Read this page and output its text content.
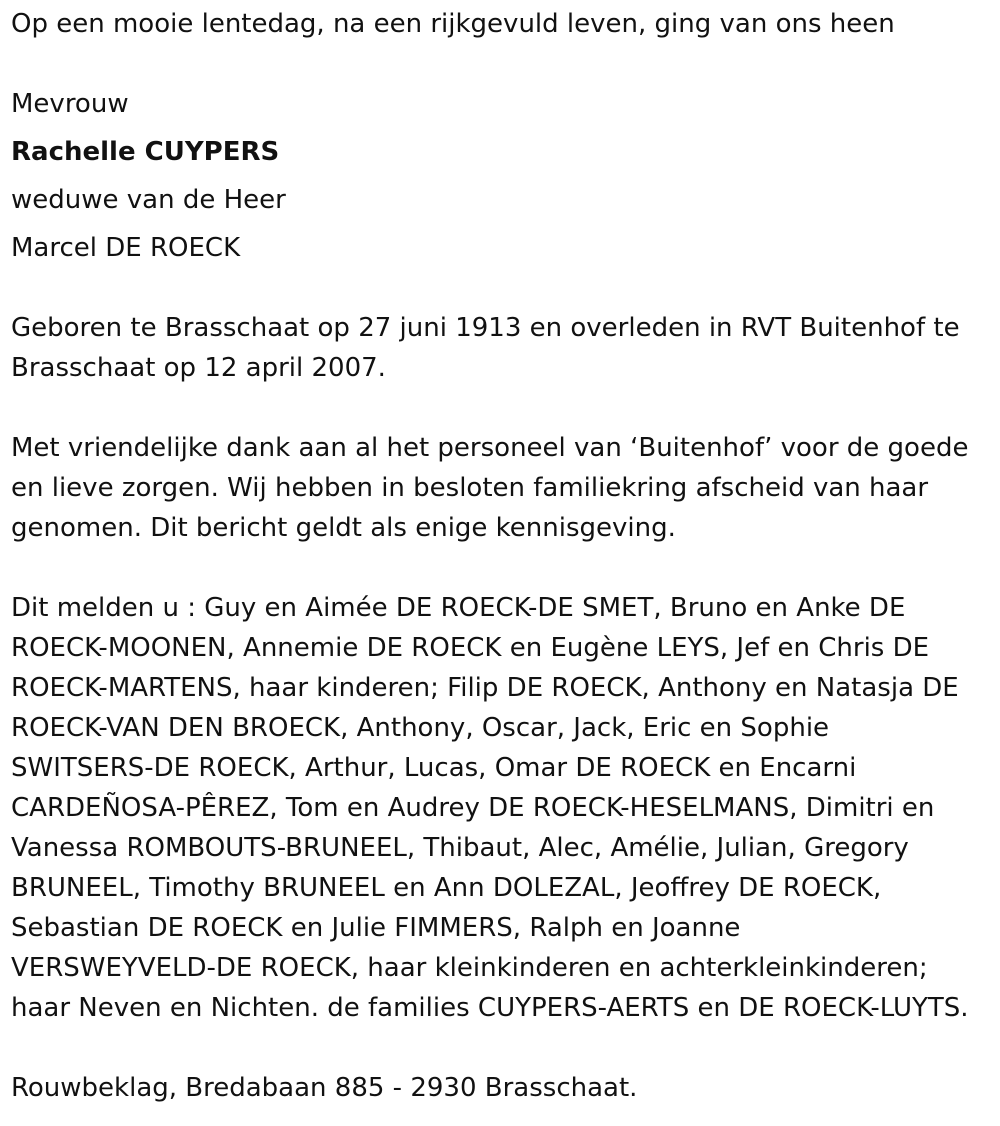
Op een mooie lentedag, na een rijkgevuld leven, ging van ons heen
Mevrouw
Rachelle CUYPERS
weduwe van de Heer
Marcel DE ROECK
Geboren te Brasschaat op 27 juni 1913 en overleden in RVT Buitenhof te
Brasschaat op 12 april 2007.
Met vriendelijke dank aan al het personeel van ‘Buitenhof’ voor de goede
en lieve zorgen. Wij hebben in besloten familiekring afscheid van haar
genomen. Dit bericht geldt als enige kennisgeving.
Dit melden u : Guy en Aimée DE ROECK-DE SMET, Bruno en Anke DE
ROECK-MOONEN, Annemie DE ROECK en Eugène LEYS, Jef en Chris DE
ROECK-MARTENS, haar kinderen; Filip DE ROECK, Anthony en Natasja DE
ROECK-VAN DEN BROECK, Anthony, Oscar, Jack, Eric en Sophie
SWITSERS-DE ROECK, Arthur, Lucas, Omar DE ROECK en Encarni
CARDEÑOSA-PÊREZ, Tom en Audrey DE ROECK-HESELMANS, Dimitri en
Vanessa ROMBOUTS-BRUNEEL, Thibaut, Alec, Amélie, Julian, Gregory
BRUNEEL, Timothy BRUNEEL en Ann DOLEZAL, Jeoffrey DE ROECK,
Sebastian DE ROECK en Julie FIMMERS, Ralph en Joanne
VERSWEYVELD-DE ROECK, haar kleinkinderen en achterkleinkinderen;
haar Neven en Nichten. de families CUYPERS-AERTS en DE ROECK-LUYTS.
Rouwbeklag, Bredabaan 885 - 2930 Brasschaat.
